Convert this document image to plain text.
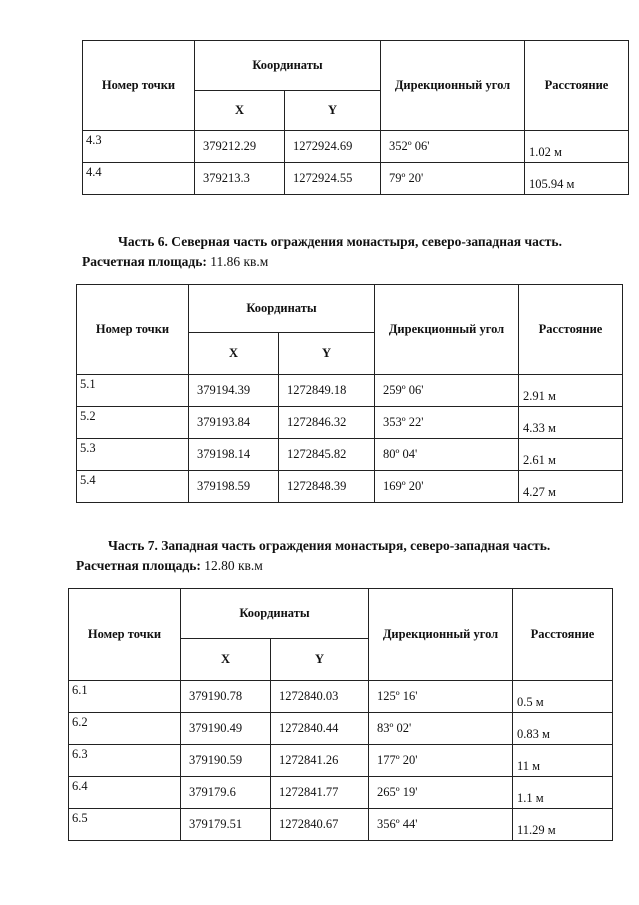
Номер точки	Координаты		Дирекционный угол	Расстояние
	X	Y		
4.3	379212.29	1272924.69	352º 06'	1.02 м
4.4	379213.3	1272924.55	79º 20'	105.94 м
Часть 6. Северная часть ограждения монастыря, северо-западная часть.
Расчетная площадь: 11.86 кв.м
Номер точки	Координаты		Дирекционный угол	Расстояние
	X	Y		
5.1	379194.39	1272849.18	259º 06'	2.91 м
5.2	379193.84	1272846.32	353º 22'	4.33 м
5.3	379198.14	1272845.82	80º 04'	2.61 м
5.4	379198.59	1272848.39	169º 20'	4.27 м
Часть 7. Западная часть ограждения монастыря, северо-западная часть.
Расчетная площадь: 12.80 кв.м
Номер точки	Координаты		Дирекционный угол	Расстояние
	X	Y		
6.1	379190.78	1272840.03	125º 16'	0.5 м
6.2	379190.49	1272840.44	83º 02'	0.83 м
6.3	379190.59	1272841.26	177º 20'	11 м
6.4	379179.6	1272841.77	265º 19'	1.1 м
6.5	379179.51	1272840.67	356º 44'	11.29 м
